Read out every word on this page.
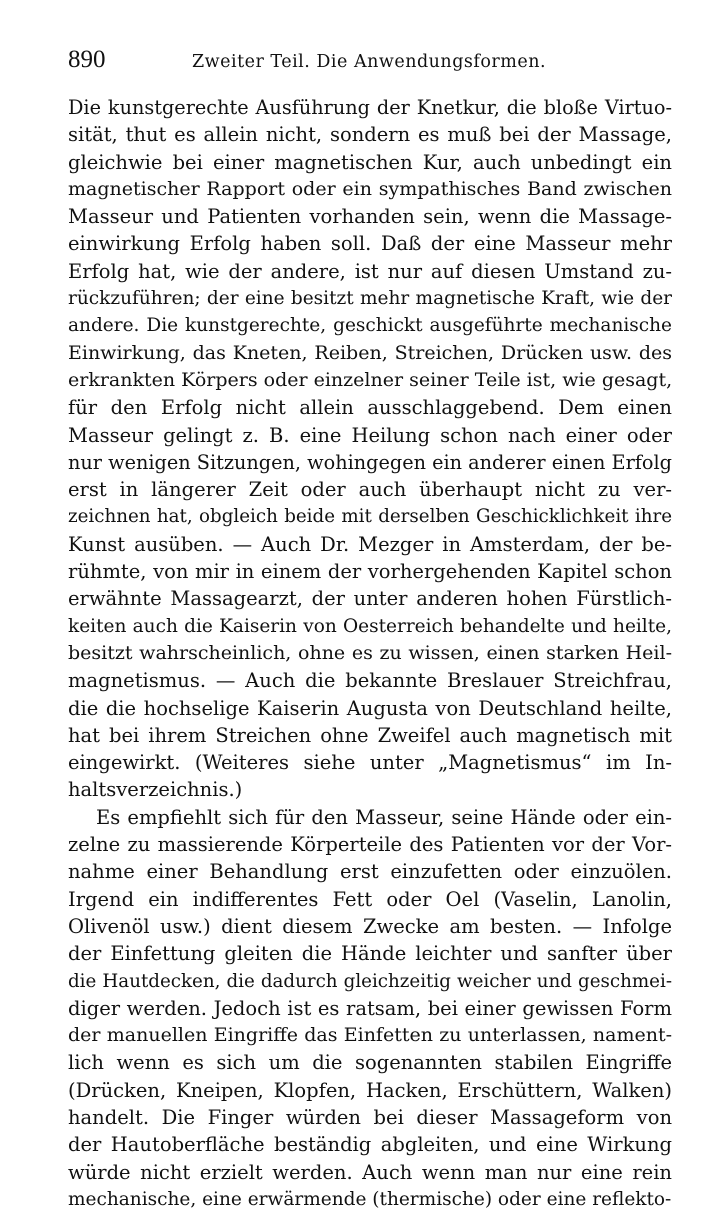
890	Zweiter Teil. Die Anwendungsformen.
Die kunstgerechte Ausführung der Knetkur, die bloße Virtuo-
sität, thut es allein nicht, sondern es muß bei der Massage,
gleichwie bei einer magnetischen Kur, auch unbedingt ein
magnetischer Rapport oder ein sympathisches Band zwischen
Masseur und Patienten vorhanden sein, wenn die Massage-
einwirkung Erfolg haben soll. Daß der eine Masseur mehr
Erfolg hat, wie der andere, ist nur auf diesen Umstand zu-
rückzuführen; der eine besitzt mehr magnetische Kraft, wie der
andere. Die kunstgerechte, geschickt ausgeführte mechanische
Einwirkung, das Kneten, Reiben, Streichen, Drücken usw. des
erkrankten Körpers oder einzelner seiner Teile ist, wie gesagt,
für den Erfolg nicht allein ausschlaggebend. Dem einen
Masseur gelingt z. B. eine Heilung schon nach einer oder
nur wenigen Sitzungen, wohingegen ein anderer einen Erfolg
erst in längerer Zeit oder auch überhaupt nicht zu ver-
zeichnen hat, obgleich beide mit derselben Geschicklichkeit ihre
Kunst ausüben. — Auch Dr. Mezger in Amsterdam, der be-
rühmte, von mir in einem der vorhergehenden Kapitel schon
erwähnte Massagearzt, der unter anderen hohen Fürstlich-
keiten auch die Kaiserin von Oesterreich behandelte und heilte,
besitzt wahrscheinlich, ohne es zu wissen, einen starken Heil-
magnetismus. — Auch die bekannte Breslauer Streichfrau,
die die hochselige Kaiserin Augusta von Deutschland heilte,
hat bei ihrem Streichen ohne Zweifel auch magnetisch mit
eingewirkt. (Weiteres siehe unter „Magnetismus“ im In-
haltsverzeichnis.)
Es empfiehlt sich für den Masseur, seine Hände oder ein-
zelne zu massierende Körperteile des Patienten vor der Vor-
nahme einer Behandlung erst einzufetten oder einzuölen.
Irgend ein indifferentes Fett oder Oel (Vaselin, Lanolin,
Olivenöl usw.) dient diesem Zwecke am besten. — Infolge
der Einfettung gleiten die Hände leichter und sanfter über
die Hautdecken, die dadurch gleichzeitig weicher und geschmei-
diger werden. Jedoch ist es ratsam, bei einer gewissen Form
der manuellen Eingriffe das Einfetten zu unterlassen, nament-
lich wenn es sich um die sogenannten stabilen Eingriffe
(Drücken, Kneipen, Klopfen, Hacken, Erschüttern, Walken)
handelt. Die Finger würden bei dieser Massageform von
der Hautoberfläche beständig abgleiten, und eine Wirkung
würde nicht erzielt werden. Auch wenn man nur eine rein
mechanische, eine erwärmende (thermische) oder eine reflekto-
